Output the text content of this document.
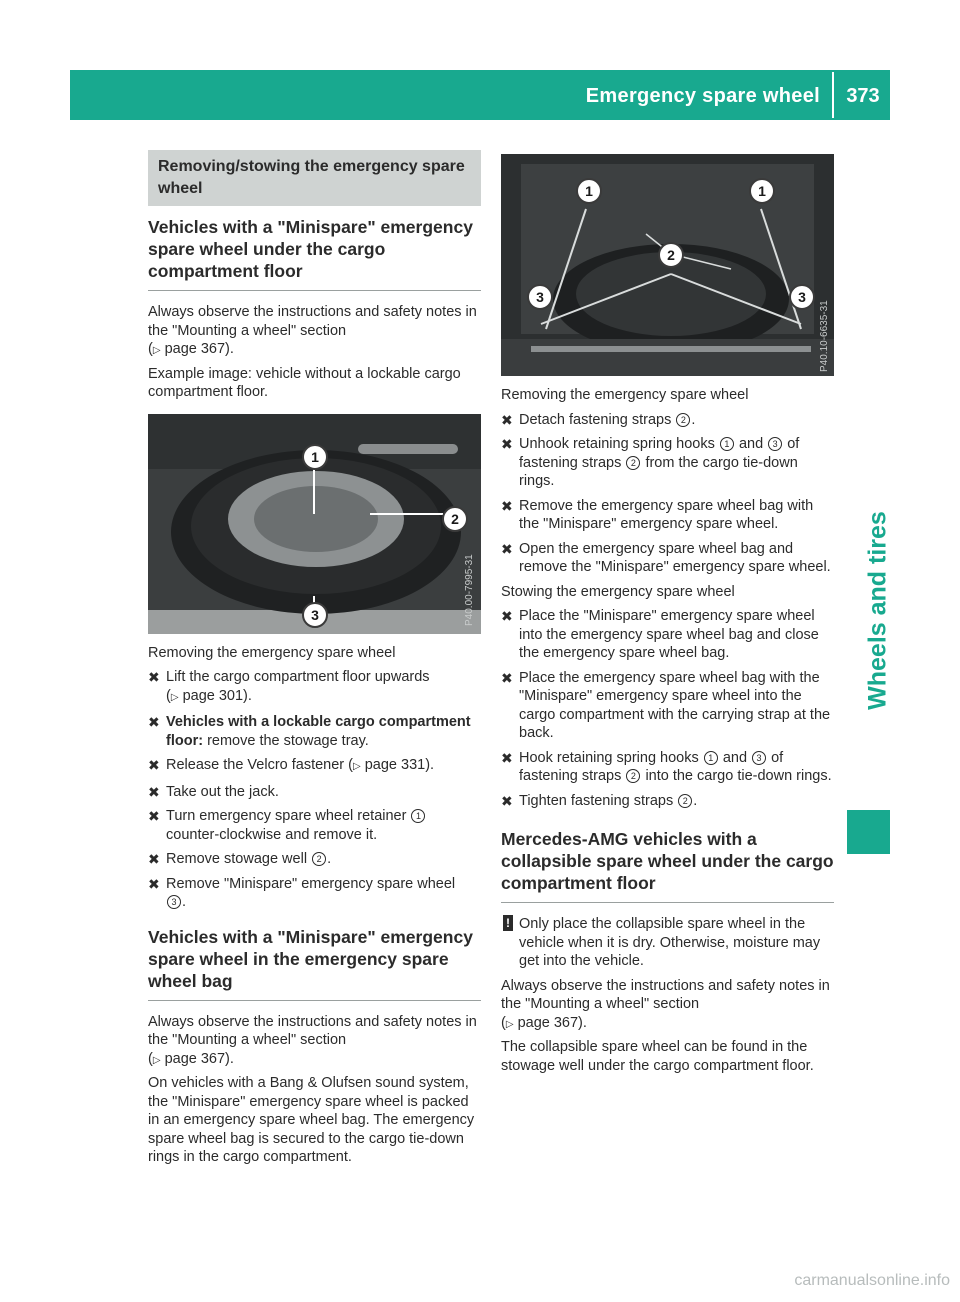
Emergency spare wheel	373
Wheels and tires
Removing/stowing the emergency spare wheel
Vehicles with a "Minispare" emergency spare wheel under the cargo compartment floor

Always observe the instructions and safety notes in the "Mounting a wheel" section
(▷ page 367).

Example image: vehicle without a lockable cargo compartment floor.

1
2
3	P40.00-7995-31

Removing the emergency spare wheel

✖ Lift the cargo compartment floor upwards
(▷ page 301).
✖ Vehicles with a lockable cargo compartment floor: remove the stowage tray.
✖ Release the Velcro fastener (▷ page 331).
✖ Take out the jack.
✖ Turn emergency spare wheel retainer 1
counter-clockwise and remove it.
✖ Remove stowage well 2 .
✖ Remove "Minispare" emergency spare wheel
3 .
Vehicles with a "Minispare" emergency spare wheel in the emergency spare wheel bag

Always observe the instructions and safety notes in the "Mounting a wheel" section
(▷ page 367).

On vehicles with a Bang & Olufsen sound system, the "Minispare" emergency spare wheel is packed in an emergency spare wheel bag. The emergency spare wheel bag is secured to the cargo tie-down rings in the cargo compartment.

1	1
2
3	3
P40.10-6635-31

Removing the emergency spare wheel

✖ Detach fastening straps 2 .
✖ Unhook retaining spring hooks 1 and 3 of fastening straps 2 from the cargo tie-down rings.
✖ Remove the emergency spare wheel bag with the "Minispare" emergency spare wheel.
✖ Open the emergency spare wheel bag and remove the "Minispare" emergency spare wheel.

Stowing the emergency spare wheel

✖ Place the "Minispare" emergency spare wheel into the emergency spare wheel bag and close the emergency spare wheel bag.
✖ Place the emergency spare wheel bag with the "Minispare" emergency spare wheel into the cargo compartment with the carrying strap at the back.
✖ Hook retaining spring hooks 1 and 3 of fastening straps 2 into the cargo tie-down rings.
✖ Tighten fastening straps 2 .
Mercedes-AMG vehicles with a collapsible spare wheel under the cargo compartment floor
! Only place the collapsible spare wheel in the vehicle when it is dry. Otherwise, moisture may get into the vehicle.

Always observe the instructions and safety notes in the "Mounting a wheel" section
(▷ page 367).

The collapsible spare wheel can be found in the stowage well under the cargo compartment floor.

carmanualsonline.info
